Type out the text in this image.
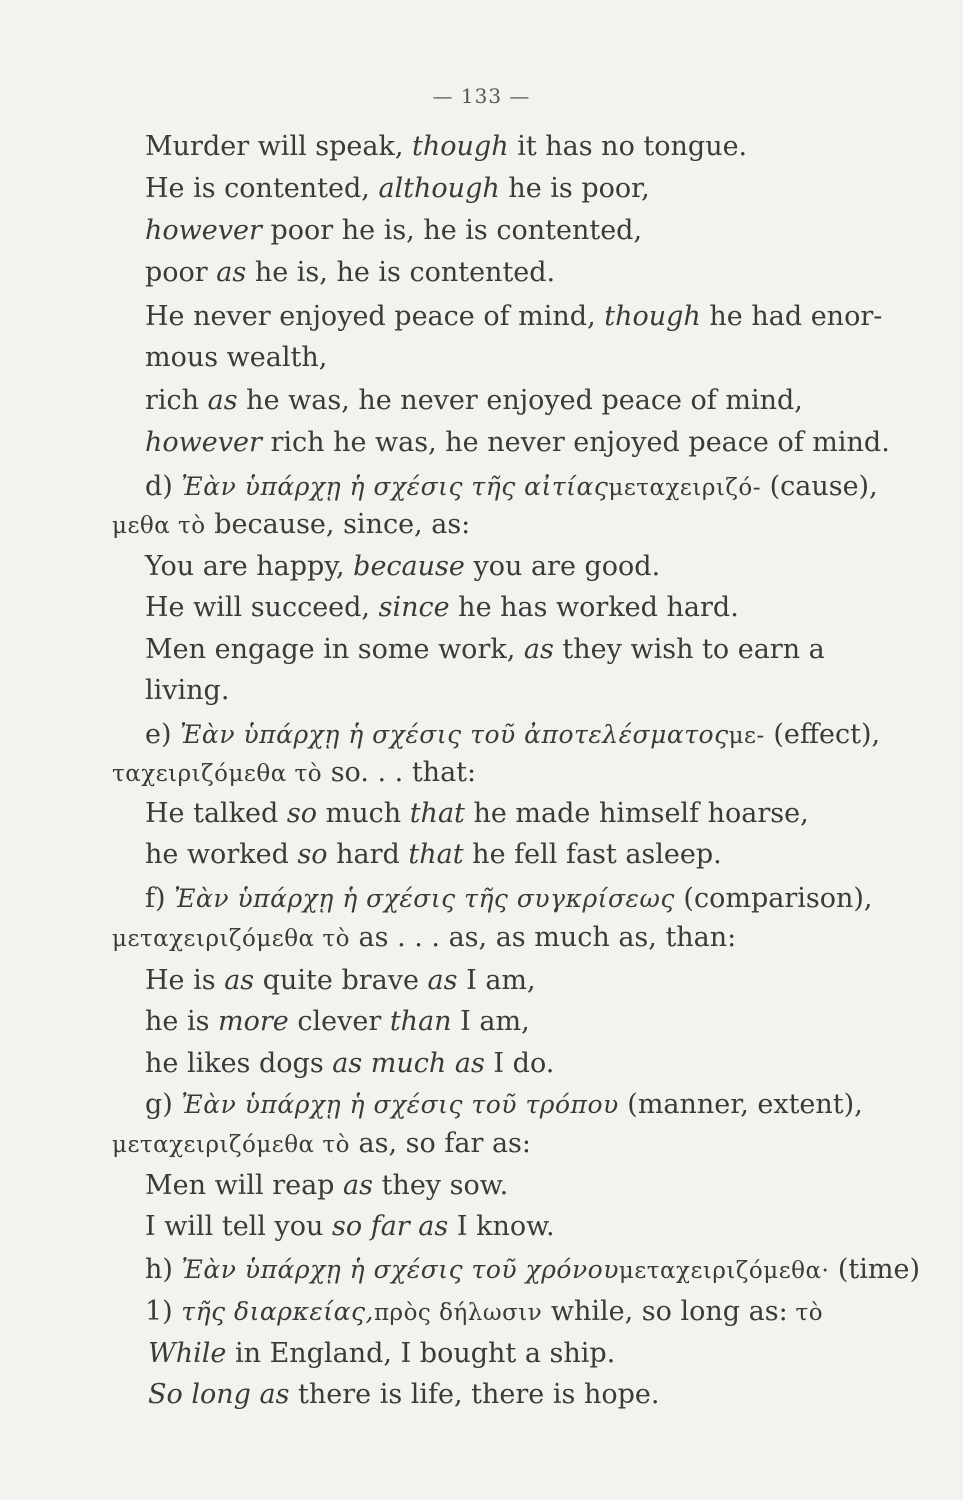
— 133 —
Murder will speak, though it has no tongue.
He is contented, although he is poor,
however poor he is, he is contented,
poor as he is, he is contented.
He never enjoyed peace of mind, though he had enor-
mous wealth,
rich as he was, he never enjoyed peace of mind,
however rich he was, he never enjoyed peace of mind.
d) Ἐὰν ὑπάρχῃ ἡ σχέσις τῆς αἰτίαςμεταχειριζό- (cause),
μεθα τὸ because, since, as:
You are happy, because you are good.
He will succeed, since he has worked hard.
Men engage in some work, as they wish to earn a
living.
e) Ἐὰν ὑπάρχῃ ἡ σχέσις τοῦ ἀποτελέσματοςμε- (effect),
ταχειριζόμεθα τὸ so. . . that:
He talked so much that he made himself hoarse,
he worked so hard that he fell fast asleep.
f) Ἐὰν ὑπάρχῃ ἡ σχέσις τῆς συγκρίσεως (comparison),
μεταχειριζόμεθα τὸ as . . . as, as much as, than:
He is as quite brave as I am,
he is more clever than I am,
he likes dogs as much as I do.
g) Ἐὰν ὑπάρχῃ ἡ σχέσις τοῦ τρόπου (manner, extent),
μεταχειριζόμεθα τὸ as, so far as:
Men will reap as they sow.
I will tell you so far as I know.
h) Ἐὰν ὑπάρχῃ ἡ σχέσις τοῦ χρόνουμεταχειριζόμεθα· (time)
1) τῆς διαρκείας,πρὸς δήλωσιν while, so long as: τὸ
While in England, I bought a ship.
So long as there is life, there is hope.
